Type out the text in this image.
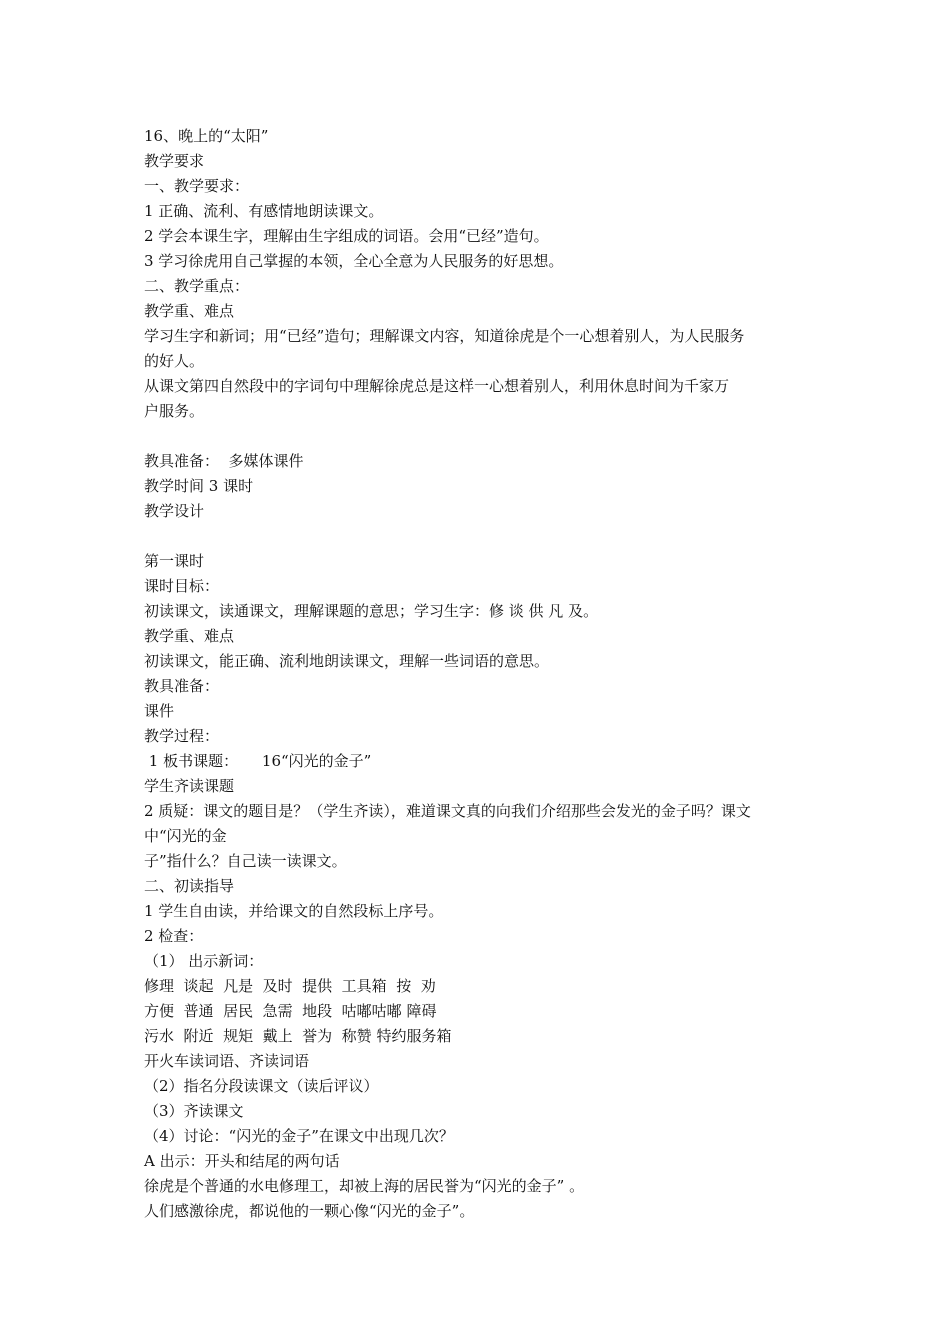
16、晚上的“太阳”
教学要求
一、教学要求：
1 正确、流利、有感情地朗读课文。
2 学会本课生字，理解由生字组成的词语。会用“已经”造句。
3 学习徐虎用自己掌握的本领，全心全意为人民服务的好思想。
二、教学重点：
教学重、难点
学习生字和新词；用“已经”造句；理解课文内容，知道徐虎是个一心想着别人，为人民服务
的好人。
从课文第四自然段中的字词句中理解徐虎总是这样一心想着别人，利用休息时间为千家万
户服务。
教具准备：  多媒体课件
教学时间 3 课时
教学设计
第一课时
课时目标：
初读课文，读通课文，理解课题的意思；学习生字：修 谈 供 凡 及。
教学重、难点
初读课文，能正确、流利地朗读课文，理解一些词语的意思。
教具准备：
课件
教学过程：
1 板书课题：     16“闪光的金子”
学生齐读课题
2 质疑：课文的题目是？（学生齐读），难道课文真的向我们介绍那些会发光的金子吗？课文
中“闪光的金
子”指什么？自己读一读课文。
二、初读指导
1 学生自由读，并给课文的自然段标上序号。
2 检查：
（1） 出示新词：
修理  谈起  凡是  及时  提供  工具箱  按  劝
方便  普通  居民  急需  地段  咕嘟咕嘟 障碍
污水  附近  规矩  戴上  誉为  称赞 特约服务箱
开火车读词语、齐读词语
（2）指名分段读课文（读后评议）
（3）齐读课文
（4）讨论：“闪光的金子”在课文中出现几次？
A 出示：开头和结尾的两句话
徐虎是个普通的水电修理工，却被上海的居民誉为“闪光的金子” 。
人们感激徐虎，都说他的一颗心像“闪光的金子”。
